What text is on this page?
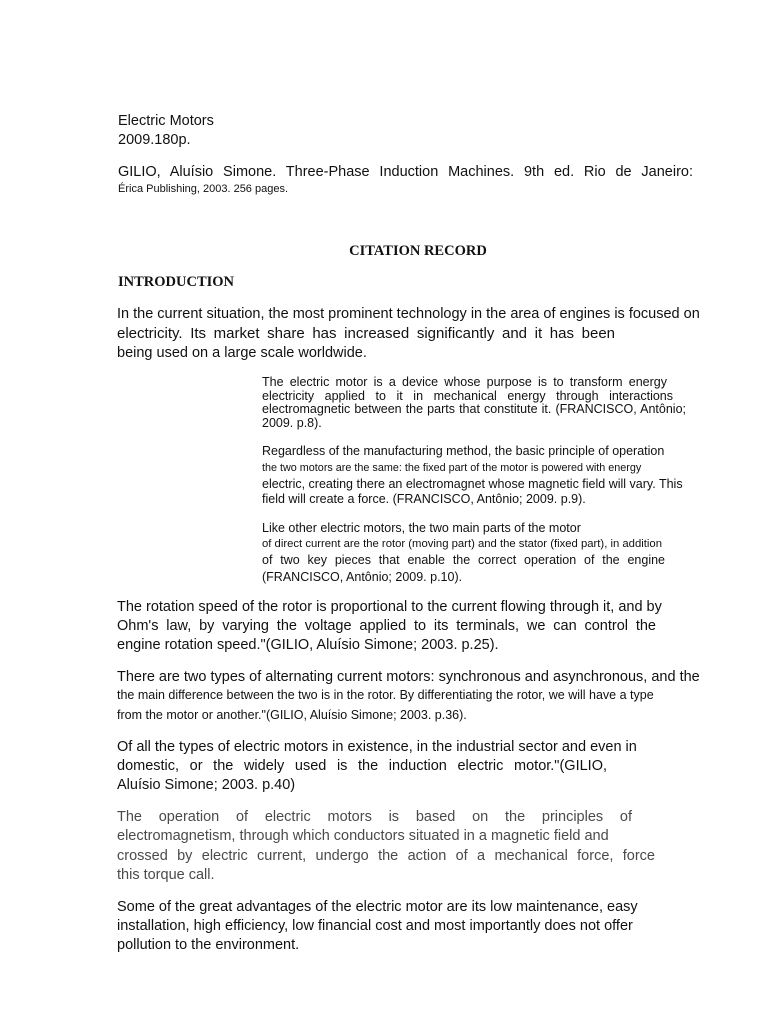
Electric Motors
2009.180p.
GILIO, Aluísio Simone. Three-Phase Induction Machines. 9th ed. Rio de Janeiro:
Érica Publishing, 2003. 256 pages.
CITATION RECORD
INTRODUCTION
In the current situation, the most prominent technology in the area of engines is focused on
electricity. Its market share has increased significantly and it has been
being used on a large scale worldwide.
The electric motor is a device whose purpose is to transform energy
electricity applied to it in mechanical energy through interactions
electromagnetic between the parts that constitute it. (FRANCISCO, Antônio;
2009. p.8).
Regardless of the manufacturing method, the basic principle of operation
the two motors are the same: the fixed part of the motor is powered with energy
electric, creating there an electromagnet whose magnetic field will vary. This
field will create a force. (FRANCISCO, Antônio; 2009. p.9).
Like other electric motors, the two main parts of the motor
of direct current are the rotor (moving part) and the stator (fixed part), in addition
of two key pieces that enable the correct operation of the engine
(FRANCISCO, Antônio; 2009. p.10).
The rotation speed of the rotor is proportional to the current flowing through it, and by
Ohm's law, by varying the voltage applied to its terminals, we can control the
engine rotation speed."(GILIO, Aluísio Simone; 2003. p.25).
There are two types of alternating current motors: synchronous and asynchronous, and the
the main difference between the two is in the rotor. By differentiating the rotor, we will have a type
from the motor or another."(GILIO, Aluísio Simone; 2003. p.36).
Of all the types of electric motors in existence, in the industrial sector and even in
domestic, or the widely used is the induction electric motor."(GILIO,
Aluísio Simone; 2003. p.40)
The operation of electric motors is based on the principles of
electromagnetism, through which conductors situated in a magnetic field and
crossed by electric current, undergo the action of a mechanical force, force
this torque call.
Some of the great advantages of the electric motor are its low maintenance, easy
installation, high efficiency, low financial cost and most importantly does not offer
pollution to the environment.
